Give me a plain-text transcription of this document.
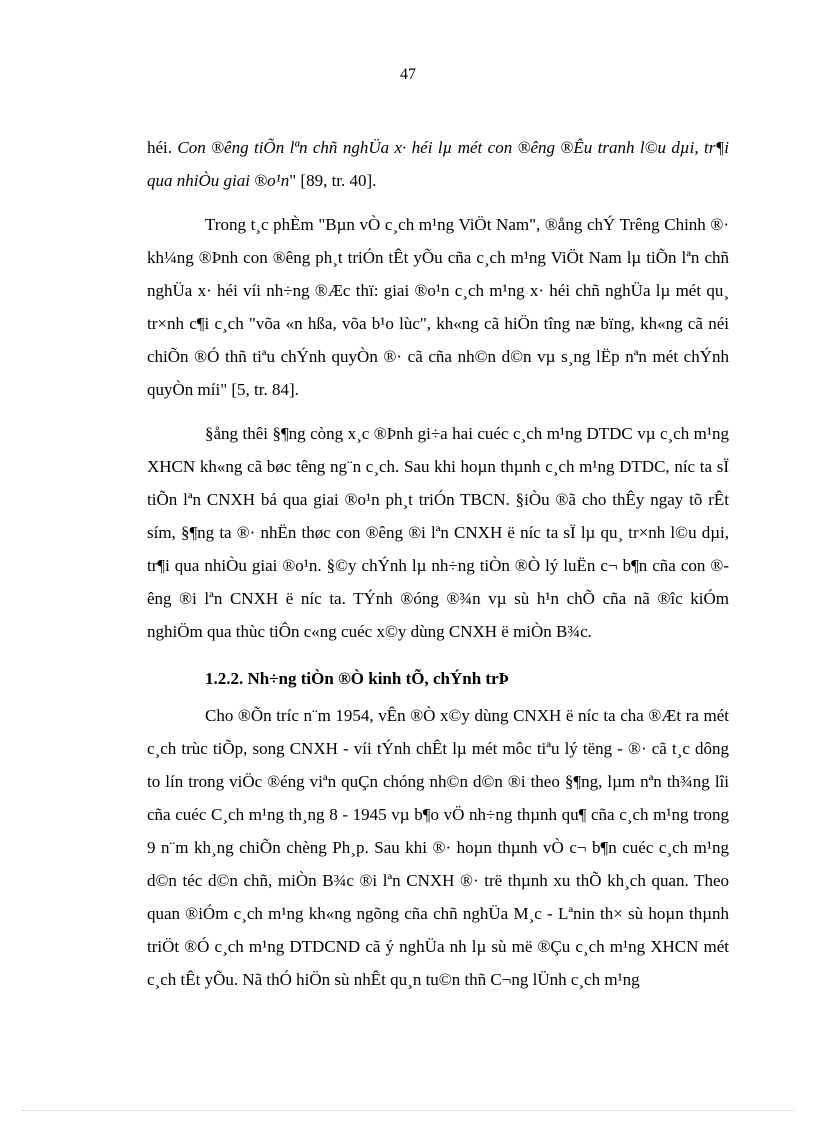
47

héi. Con ®êng tiÕn lªn chñ nghÜa x· héi lµ mét con ®êng ®Êu tranh l©u dµi, tr¶i qua nhiÒu giai ®o¹n" [89, tr. 40].

Trong t¸c phÈm "Bµn vÒ c¸ch m¹ng ViÖt Nam", ®ång chÝ Trêng Chinh ®· kh¼ng ®Þnh con ®êng ph¸t triÓn tÊt yÕu cña c¸ch m¹ng ViÖt Nam lµ tiÕn lªn chñ nghÜa x· héi víi nh÷ng ®Æc thï: giai ®o¹n c¸ch m¹ng x· héi chñ nghÜa lµ mét qu¸ tr×nh c¶i c¸ch "võa «n hßa, võa b¹o lùc", kh«ng cã hiÖn tîng næ bïng, kh«ng cã néi chiÕn ®Ó thñ tiªu chÝnh quyÒn ®· cã cña nh©n d©n vµ s¸ng lËp nªn mét chÝnh quyÒn míi" [5, tr. 84].

§ång thêi §¶ng còng x¸c ®Þnh gi÷a hai cuéc c¸ch m¹ng DTDC vµ c¸ch m¹ng XHCN kh«ng cã bøc têng ng¨n c¸ch. Sau khi hoµn thµnh c¸ch m¹ng DTDC, níc ta sÏ tiÕn lªn CNXH bá qua giai ®o¹n ph¸t triÓn TBCN. §iÒu ®ã cho thÊy ngay tõ rÊt sím, §¶ng ta ®· nhËn thøc con ®êng ®i lªn CNXH ë níc ta sÏ lµ qu¸ tr×nh l©u dµi, tr¶i qua nhiÒu giai ®o¹n. §©y chÝnh lµ nh÷ng tiÒn ®Ò lý luËn c¬ b¶n cña con ®êng ®i lªn CNXH ë níc ta. TÝnh ®óng ®¾n vµ sù h¹n chÕ cña nã ®îc kiÓm nghiÖm qua thùc tiÔn c«ng cuéc x©y dùng CNXH ë miÒn B¾c.

1.2.2. Nh÷ng tiÒn ®Ò kinh tÕ, chÝnh trÞ

Cho ®Õn tríc n¨m 1954, vÊn ®Ò x©y dùng CNXH ë níc ta cha ®Æt ra mét c¸ch trùc tiÕp, song CNXH - víi tÝnh chÊt lµ mét môc tiªu lý tëng - ®· cã t¸c dông to lín trong viÖc ®éng viªn quÇn chóng nh©n d©n ®i theo §¶ng, lµm nªn th¾ng lîi cña cuéc C¸ch m¹ng th¸ng 8 - 1945 vµ b¶o vÖ nh÷ng thµnh qu¶ cña c¸ch m¹ng trong 9 n¨m kh¸ng chiÕn chèng Ph¸p. Sau khi ®· hoµn thµnh vÒ c¬ b¶n cuéc c¸ch m¹ng d©n téc d©n chñ, miÒn B¾c ®i lªn CNXH ®· trë thµnh xu thÕ kh¸ch quan. Theo quan ®iÓm c¸ch m¹ng kh«ng ngõng cña chñ nghÜa M¸c - Lªnin th× sù hoµn thµnh triÖt ®Ó c¸ch m¹ng DTDCND cã ý nghÜa nh lµ sù më ®Çu c¸ch m¹ng XHCN mét c¸ch tÊt yÕu. Nã thÓ hiÖn sù nhÊt qu¸n tu©n thñ C¬ng lÜnh c¸ch m¹ng
